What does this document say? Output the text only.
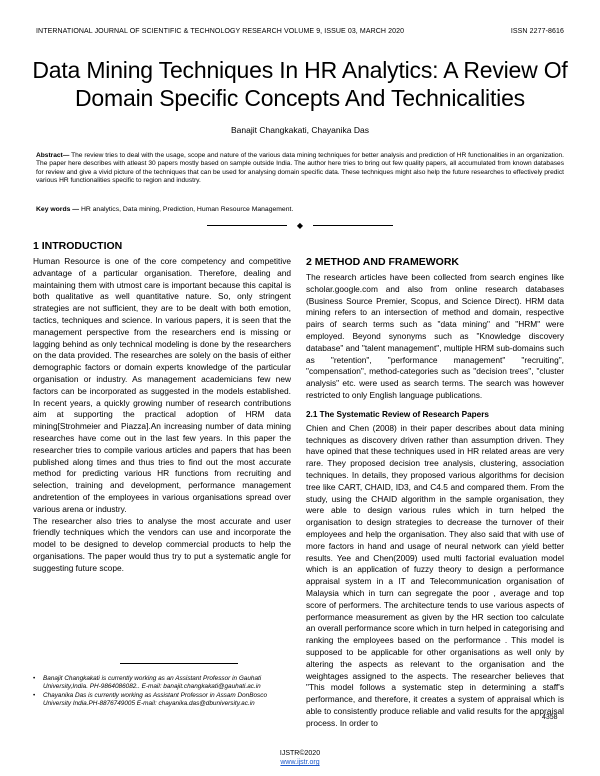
INTERNATIONAL JOURNAL OF SCIENTIFIC & TECHNOLOGY RESEARCH VOLUME 9, ISSUE 03, MARCH 2020	ISSN 2277-8616
Data Mining Techniques In HR Analytics: A Review Of Domain Specific Concepts And Technicalities
Banajit Changkakati, Chayanika Das
Abstract— The review tries to deal with the usage, scope and nature of the various data mining techniques for better analysis and prediction of HR functionalities in an organization. The paper here describes with atleast 30 papers mostly based on sample outside India. The author here tries to bring out few quality papers, all accumulated from known databases for review and give a vivid picture of the techniques that can be used for analysing domain specific data. These techniques might also help the future researches to effectively predict various HR functionalities specific to region and industry.
Key words — HR analytics, Data mining, Prediction, Human Resource Management.
◆
1 INTRODUCTION

Human Resource is one of the core competency and competitive advantage of a particular organisation. Therefore, dealing and maintaining them with utmost care is important because this capital is both qualitative as well quantitative nature. So, only stringent strategies are not sufficient, they are to be dealt with both emotion, tactics, techniques and science. In various papers, it is seen that the management perspective from the researchers end is missing or lagging behind as only technical modeling is done by the researchers on the data provided. The researches are solely on the basis of either demographic factors or domain experts knowledge of the particular organisation or industry. As management academicians few new factors can be incorporated as suggested in the models established. In recent years, a quickly growing number of research contributions aim at supporting the practical adoption of HRM data mining[Strohmeier and Piazza].An increasing number of data mining researches have come out in the last few years. In this paper the researcher tries to compile various articles and papers that has been published along times and thus tries to find out the most accurate method for predicting various HR functions from recruiting and selection, training and development, performance management andretention of the employees in various organisations spread over various arena or industry.

The researcher also tries to analyse the most accurate and user friendly techniques which the vendors can use and incorporate the model to be designed to develop commercial products to help the organisations. The paper would thus try to put a systematic angle for suggesting future scope.

• Banajit Changkakati is currently working as an Assistant Professor in Gauhati University,India. PH-9864086082.. E-mail: banajit.changkakati@gauhati.ac.in
• Chayanika Das is currently working as Assistant Professor in Assam DonBosco University India.PH-8876749005 E-mail: chayanika.das@dbuniversity.ac.in
2 METHOD AND FRAMEWORK

The research articles have been collected from search engines like scholar.google.com and also from online research databases (Business Source Premier, Scopus, and Science Direct). HRM data mining refers to an intersection of method and domain, respective pairs of search terms such as "data mining" and "HRM" were employed. Beyond synonyms such as "Knowledge discovery database" and "talent management", multiple HRM sub-domains such as "retention", "performance management" "recruiting", "compensation", method-categories such as "decision trees", "cluster analysis" etc. were used as search terms. The search was however restricted to only English language publications.

2.1 The Systematic Review of Research Papers

Chien and Chen (2008) in their paper describes about data mining techniques as discovery driven rather than assumption driven. They have opined that these techniques used in HR related areas are very rare. They proposed decision tree analysis, clustering, association techniques. In details, they proposed various algorithms for decision tree like CART, CHAID, ID3, and C4.5 and compared them. From the study, using the CHAID algorithm in the sample organisation, they were able to design various rules which in turn helped the organisation to design strategies to decrease the turnover of their employees and help the organisation. They also said that with use of more factors in hand and usage of neural network can yield better results. Yee and Chen(2009) used multi factorial evaluation model which is an application of fuzzy theory to design a performance appraisal system in a IT and Telecommunication organisation of Malaysia which in turn can segregate the poor , average and top score of performers. The architecture tends to use various aspects of performance measurement as given by the HR section too calculate an overall performance score which in turn helped in categorising and ranking the employees based on the performance . This model is supposed to be applicable for other organisations as well only by altering the aspects as relevant to the organisation and the weightages assigned to the aspects. The researcher believes that "This model follows a systematic step in determining a staff's performance, and therefore, it creates a system of appraisal which is able to consistently produce reliable and valid results for the appraisal process. In order to

4358
IJSTR©2020
www.ijstr.org
